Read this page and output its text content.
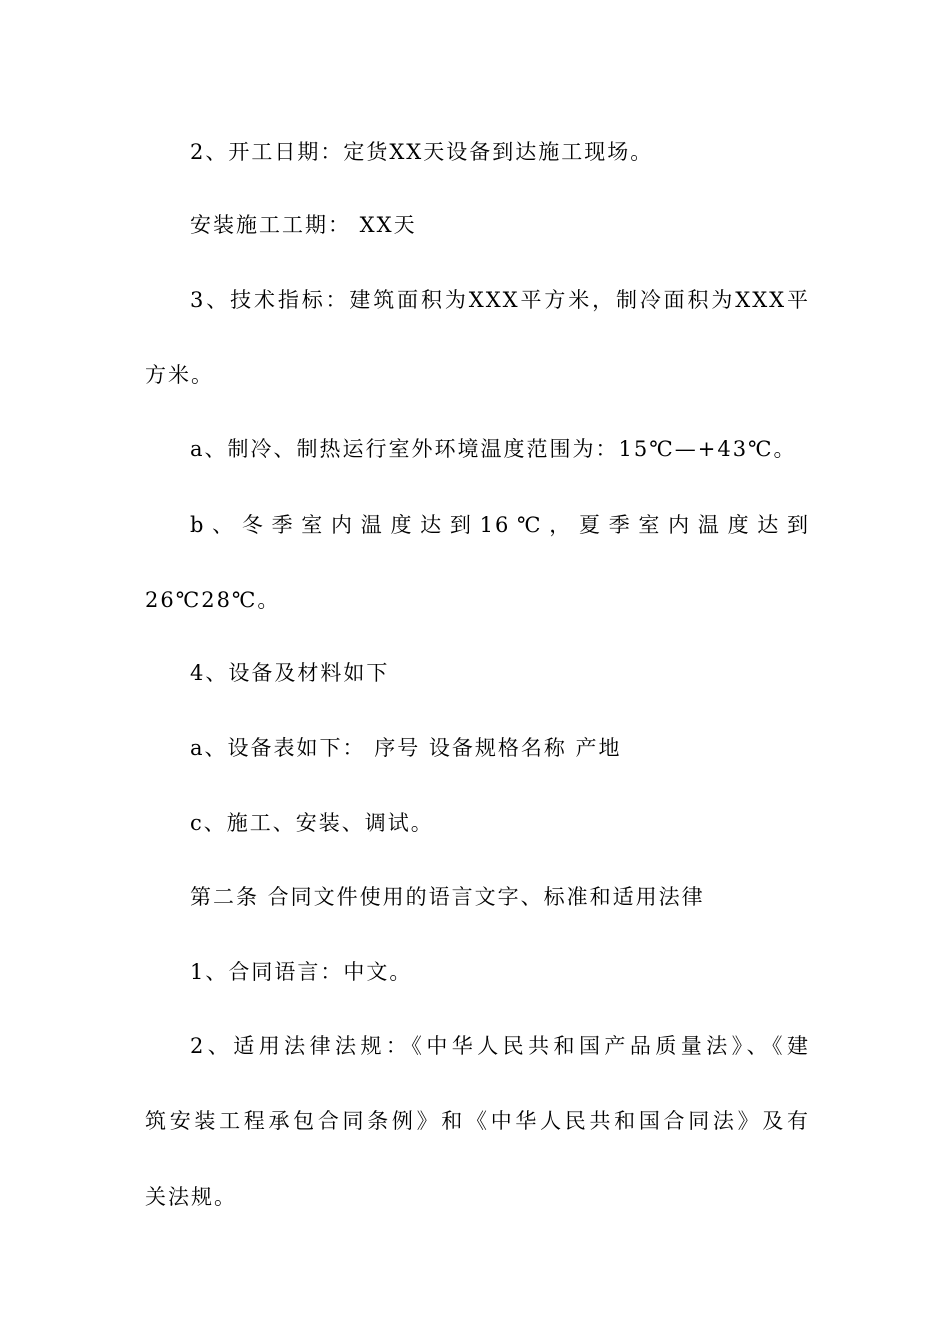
2、开工日期：定货XX天设备到达施工现场。
安装施工工期： XX天
3、技术指标：建筑面积为XXX平方米，制冷面积为XXX平
方米。
a、制冷、制热运行室外环境温度范围为：15℃—+43℃。
b、冬季室内温度达到16℃，夏季室内温度达到
26℃28℃。
4、设备及材料如下
a、设备表如下： 序号 设备规格名称 产地
c、施工、安装、调试。
第二条 合同文件使用的语言文字、标准和适用法律
1、合同语言：中文。
2、适用法律法规：《中华人民共和国产品质量法》、《建
筑安装工程承包合同条例》和《中华人民共和国合同法》及有
关法规。
